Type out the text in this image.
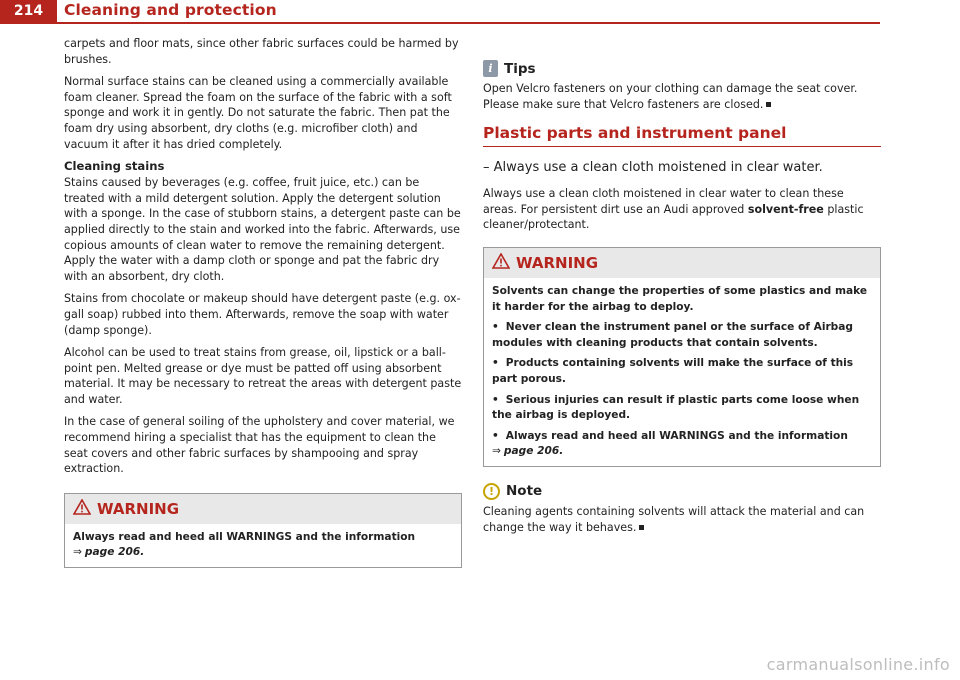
214	Cleaning and protection

carpets and floor mats, since other fabric surfaces could be harmed by brushes.

Normal surface stains can be cleaned using a commercially available foam cleaner. Spread the foam on the surface of the fabric with a soft sponge and work it in gently. Do not saturate the fabric. Then pat the foam dry using absorbent, dry cloths (e.g. microfiber cloth) and vacuum it after it has dried completely.

Cleaning stains

Stains caused by beverages (e.g. coffee, fruit juice, etc.) can be treated with a mild detergent solution. Apply the detergent solution with a sponge. In the case of stubborn stains, a detergent paste can be applied directly to the stain and worked into the fabric. Afterwards, use copious amounts of clean water to remove the remaining detergent. Apply the water with a damp cloth or sponge and pat the fabric dry with an absorbent, dry cloth.

Stains from chocolate or makeup should have detergent paste (e.g. ox-gall soap) rubbed into them. Afterwards, remove the soap with water (damp sponge).

Alcohol can be used to treat stains from grease, oil, lipstick or a ball-point pen. Melted grease or dye must be patted off using absorbent material. It may be necessary to retreat the areas with detergent paste and water.

In the case of general soiling of the upholstery and cover material, we recommend hiring a specialist that has the equipment to clean the seat covers and other fabric surfaces by shampooing and spray extraction.

WARNING
Always read and heed all WARNINGS and the information
⇒ page 206.
i Tips

Open Velcro fasteners on your clothing can damage the seat cover. Please make sure that Velcro fasteners are closed.

Plastic parts and instrument panel
– Always use a clean cloth moistened in clear water.

Always use a clean cloth moistened in clear water to clean these areas. For persistent dirt use an Audi approved solvent-free plastic cleaner/protectant.

WARNING
Solvents can change the properties of some plastics and make it harder for the airbag to deploy.
• Never clean the instrument panel or the surface of Airbag modules with cleaning products that contain solvents.
• Products containing solvents will make the surface of this part porous.
• Serious injuries can result if plastic parts come loose when the airbag is deployed.
• Always read and heed all WARNINGS and the information
⇒ page 206.
! Note

Cleaning agents containing solvents will attack the material and can change the way it behaves.

carmanualsonline.info
